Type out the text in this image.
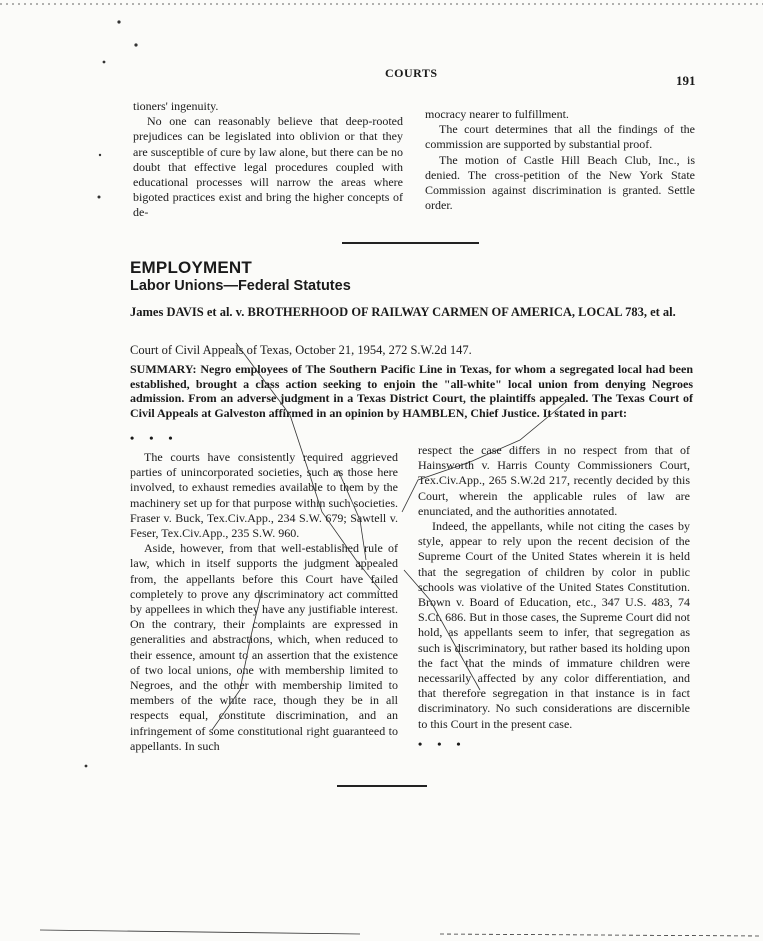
COURTS	191

tioners' ingenuity.

No one can reasonably believe that deep-rooted prejudices can be legislated into oblivion or that they are susceptible of cure by law alone, but there can be no doubt that effective legal procedures coupled with educational processes will narrow the areas where bigoted practices exist and bring the higher concepts of de-

mocracy nearer to fulfillment.

The court determines that all the findings of the commission are supported by substantial proof.

The motion of Castle Hill Beach Club, Inc., is denied. The cross-petition of the New York State Commission against discrimination is granted. Settle order.

EMPLOYMENT
Labor Unions—Federal Statutes
James DAVIS et al. v. BROTHERHOOD OF RAILWAY CARMEN OF AMERICA, LOCAL 783, et al.
Court of Civil Appeals of Texas, October 21, 1954, 272 S.W.2d 147.
SUMMARY: Negro employees of The Southern Pacific Line in Texas, for whom a segregated local had been established, brought a class action seeking to enjoin the "all-white" local union from denying Negroes admission. From an adverse judgment in a Texas District Court, the plaintiffs appealed. The Texas Court of Civil Appeals at Galveston affirmed in an opinion by HAMBLEN, Chief Justice. It stated in part:
• • •

The courts have consistently required aggrieved parties of unincorporated societies, such as those here involved, to exhaust remedies available to them by the machinery set up for that purpose within such societies. Fraser v. Buck, Tex.Civ.App., 234 S.W. 679; Sawtell v. Feser, Tex.Civ.App., 235 S.W. 960.

Aside, however, from that well-established rule of law, which in itself supports the judgment appealed from, the appellants before this Court have failed completely to prove any discriminatory act committed by appellees in which they have any justifiable interest. On the contrary, their complaints are expressed in generalities and abstractions, which, when reduced to their essence, amount to an assertion that the existence of two local unions, one with membership limited to Negroes, and the other with membership limited to members of the white race, though they be in all respects equal, constitute discrimination, and an infringement of some constitutional right guaranteed to appellants. In such

respect the case differs in no respect from that of Hainsworth v. Harris County Commissioners Court, Tex.Civ.App., 265 S.W.2d 217, recently decided by this Court, wherein the applicable rules of law are enunciated, and the authorities annotated.

Indeed, the appellants, while not citing the cases by style, appear to rely upon the recent decision of the Supreme Court of the United States wherein it is held that the segregation of children by color in public schools was violative of the United States Constitution. Brown v. Board of Education, etc., 347 U.S. 483, 74 S.Ct. 686. But in those cases, the Supreme Court did not hold, as appellants seem to infer, that segregation as such is discriminatory, but rather based its holding upon the fact that the minds of immature children were necessarily affected by any color differentiation, and that therefore segregation in that instance is in fact discriminatory. No such considerations are discernible to this Court in the present case.

• • •
